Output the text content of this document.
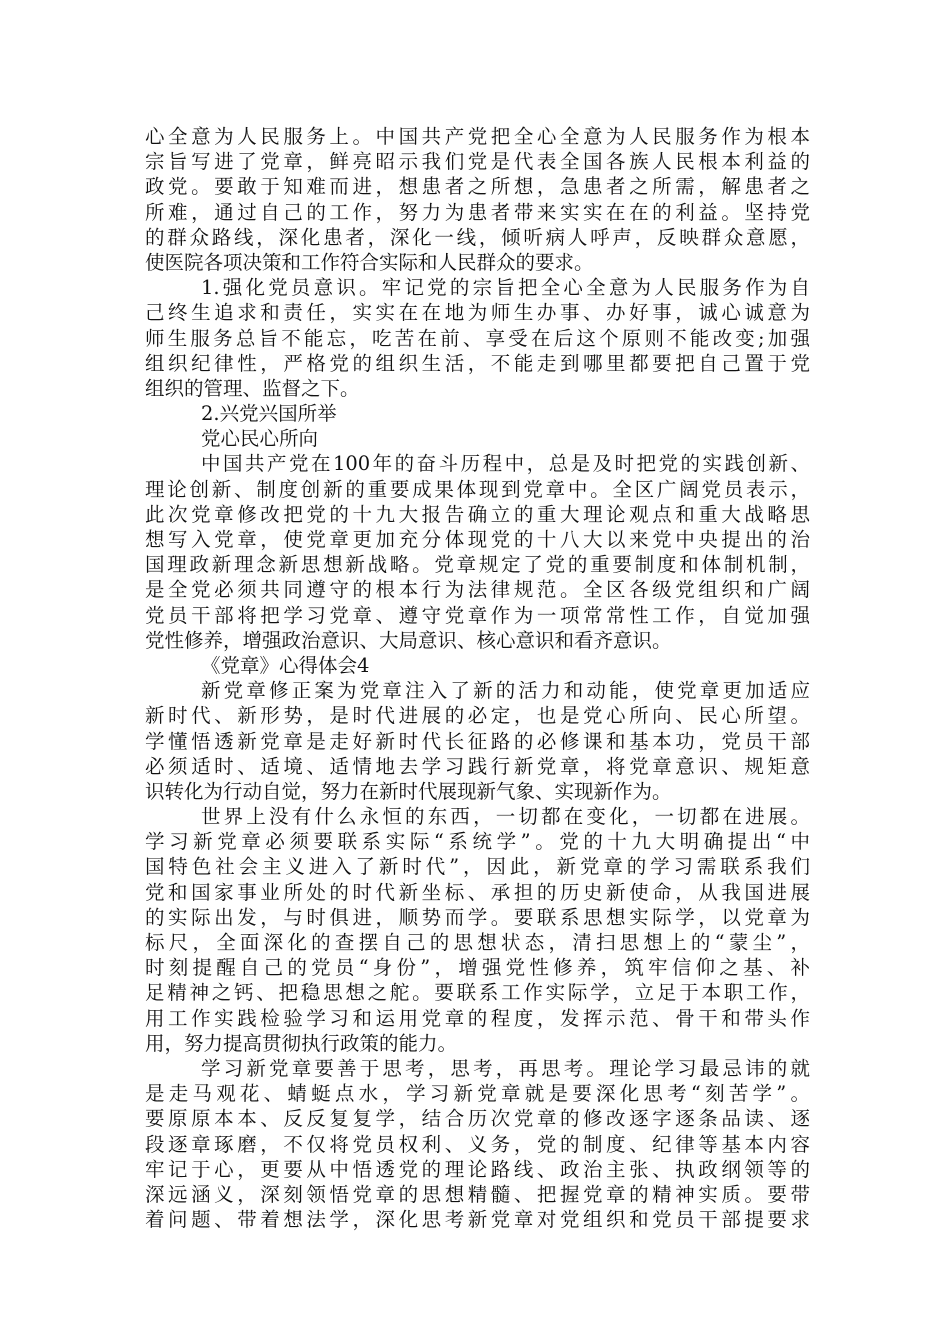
心全意为人民服务上。中国共产党把全心全意为人民服务作为根本
宗旨写进了党章，鲜亮昭示我们党是代表全国各族人民根本利益的
政党。要敢于知难而进，想患者之所想，急患者之所需，解患者之
所难，通过自己的工作，努力为患者带来实实在在的利益。坚持党
的群众路线，深化患者，深化一线，倾听病人呼声，反映群众意愿，
使医院各项决策和工作符合实际和人民群众的要求。
1.强化党员意识。牢记党的宗旨把全心全意为人民服务作为自
己终生追求和责任，实实在在地为师生办事、办好事，诚心诚意为
师生服务总旨不能忘，吃苦在前、享受在后这个原则不能改变;加强
组织纪律性，严格党的组织生活，不能走到哪里都要把自己置于党
组织的管理、监督之下。
2.兴党兴国所举
党心民心所向
中国共产党在100年的奋斗历程中，总是及时把党的实践创新、
理论创新、制度创新的重要成果体现到党章中。全区广阔党员表示，
此次党章修改把党的十九大报告确立的重大理论观点和重大战略思
想写入党章，使党章更加充分体现党的十八大以来党中央提出的治
国理政新理念新思想新战略。党章规定了党的重要制度和体制机制，
是全党必须共同遵守的根本行为法律规范。全区各级党组织和广阔
党员干部将把学习党章、遵守党章作为一项常常性工作，自觉加强
党性修养，增强政治意识、大局意识、核心意识和看齐意识。
《党章》心得体会4
新党章修正案为党章注入了新的活力和动能，使党章更加适应
新时代、新形势，是时代进展的必定，也是党心所向、民心所望。
学懂悟透新党章是走好新时代长征路的必修课和基本功，党员干部
必须适时、适境、适情地去学习践行新党章，将党章意识、规矩意
识转化为行动自觉，努力在新时代展现新气象、实现新作为。
世界上没有什么永恒的东西，一切都在变化，一切都在进展。
学习新党章必须要联系实际“系统学”。党的十九大明确提出“中
国特色社会主义进入了新时代”，因此，新党章的学习需联系我们
党和国家事业所处的时代新坐标、承担的历史新使命，从我国进展
的实际出发，与时俱进，顺势而学。要联系思想实际学，以党章为
标尺，全面深化的查摆自己的思想状态，清扫思想上的“蒙尘”，
时刻提醒自己的党员“身份”，增强党性修养，筑牢信仰之基、补
足精神之钙、把稳思想之舵。要联系工作实际学，立足于本职工作，
用工作实践检验学习和运用党章的程度，发挥示范、骨干和带头作
用，努力提高贯彻执行政策的能力。
学习新党章要善于思考，思考，再思考。理论学习最忌讳的就
是走马观花、蜻蜓点水，学习新党章就是要深化思考“刻苦学”。
要原原本本、反反复复学，结合历次党章的修改逐字逐条品读、逐
段逐章琢磨，不仅将党员权利、义务，党的制度、纪律等基本内容
牢记于心，更要从中悟透党的理论路线、政治主张、执政纲领等的
深远涵义，深刻领悟党章的思想精髓、把握党章的精神实质。要带
着问题、带着想法学，深化思考新党章对党组织和党员干部提要求
